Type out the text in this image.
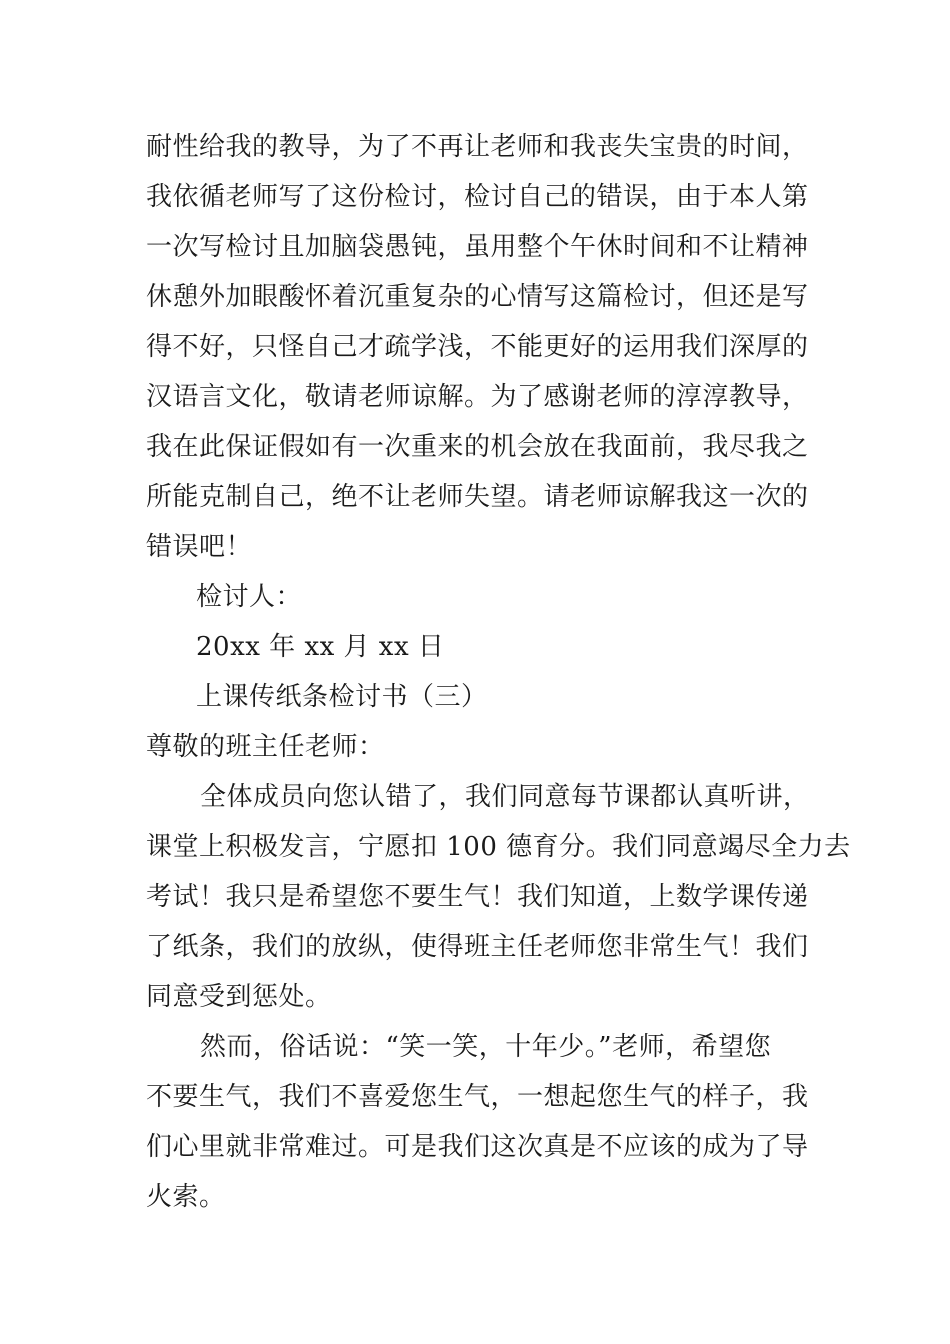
耐性给我的教导，为了不再让老师和我丧失宝贵的时间，
我依循老师写了这份检讨，检讨自己的错误，由于本人第
一次写检讨且加脑袋愚钝，虽用整个午休时间和不让精神
休憩外加眼酸怀着沉重复杂的心情写这篇检讨，但还是写
得不好，只怪自己才疏学浅，不能更好的运用我们深厚的
汉语言文化，敬请老师谅解。为了感谢老师的淳淳教导，
我在此保证假如有一次重来的机会放在我面前，我尽我之
所能克制自己，绝不让老师失望。请老师谅解我这一次的
错误吧！
检讨人：
20xx 年 xx 月 xx 日
上课传纸条检讨书（三）
尊敬的班主任老师：
全体成员向您认错了，我们同意每节课都认真听讲，
课堂上积极发言，宁愿扣 100 德育分。我们同意竭尽全力去
考试！我只是希望您不要生气！我们知道，上数学课传递
了纸条，我们的放纵，使得班主任老师您非常生气！我们
同意受到惩处。
然而，俗话说：“笑一笑，十年少。”老师，希望您
不要生气，我们不喜爱您生气，一想起您生气的样子，我
们心里就非常难过。可是我们这次真是不应该的成为了导
火索。
